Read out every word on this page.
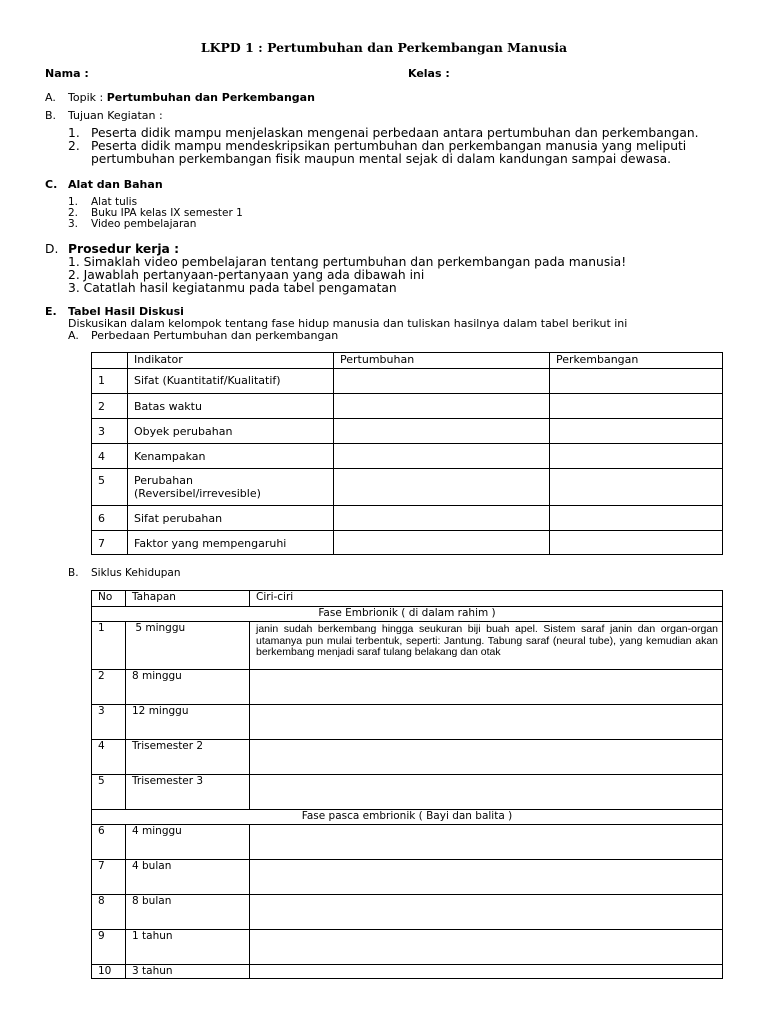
LKPD 1 : Pertumbuhan dan Perkembangan Manusia
Nama :	Kelas :
A. Topik : Pertumbuhan dan Perkembangan
B. Tujuan Kegiatan :
1. Peserta didik mampu menjelaskan mengenai perbedaan antara pertumbuhan dan perkembangan.
2. Peserta didik mampu mendeskripsikan pertumbuhan dan perkembangan manusia yang meliputi
pertumbuhan perkembangan fisik maupun mental sejak di dalam kandungan sampai dewasa.
C. Alat dan Bahan
1. Alat tulis
2. Buku IPA kelas IX semester 1
3. Video pembelajaran
D. Prosedur kerja :
1. Simaklah video pembelajaran tentang pertumbuhan dan perkembangan pada manusia!
2. Jawablah pertanyaan-pertanyaan yang ada dibawah ini
3. Catatlah hasil kegiatanmu pada tabel pengamatan
E. Tabel Hasil Diskusi
Diskusikan dalam kelompok tentang fase hidup manusia dan tuliskan hasilnya dalam tabel berikut ini
A. Perbedaan Pertumbuhan dan perkembangan
	Indikator	Pertumbuhan	Perkembangan
1	Sifat (Kuantitatif/Kualitatif)		
2	Batas waktu		
3	Obyek perubahan		
4	Kenampakan		
5	Perubahan
(Reversibel/irrevesible)		

6	Sifat perubahan		
7	Faktor yang mempengaruhi		
B. Siklus Kehidupan
No	Tahapan	Ciri-ciri
Fase Embrionik ( di dalam rahim )		
1	5 minggu	janin sudah berkembang hingga seukuran biji buah apel. Sistem saraf janin dan organ-organ utamanya pun mulai terbentuk, seperti: Jantung. Tabung saraf (neural tube), yang kemudian akan berkembang menjadi saraf tulang belakang dan otak
2	8 minggu	
3	12 minggu	
4	Trisemester 2	
5	Trisemester 3	
Fase pasca embrionik ( Bayi dan balita )		
6	4 minggu	
7	4 bulan	
8	8 bulan	
9	1 tahun	
10	3 tahun	
